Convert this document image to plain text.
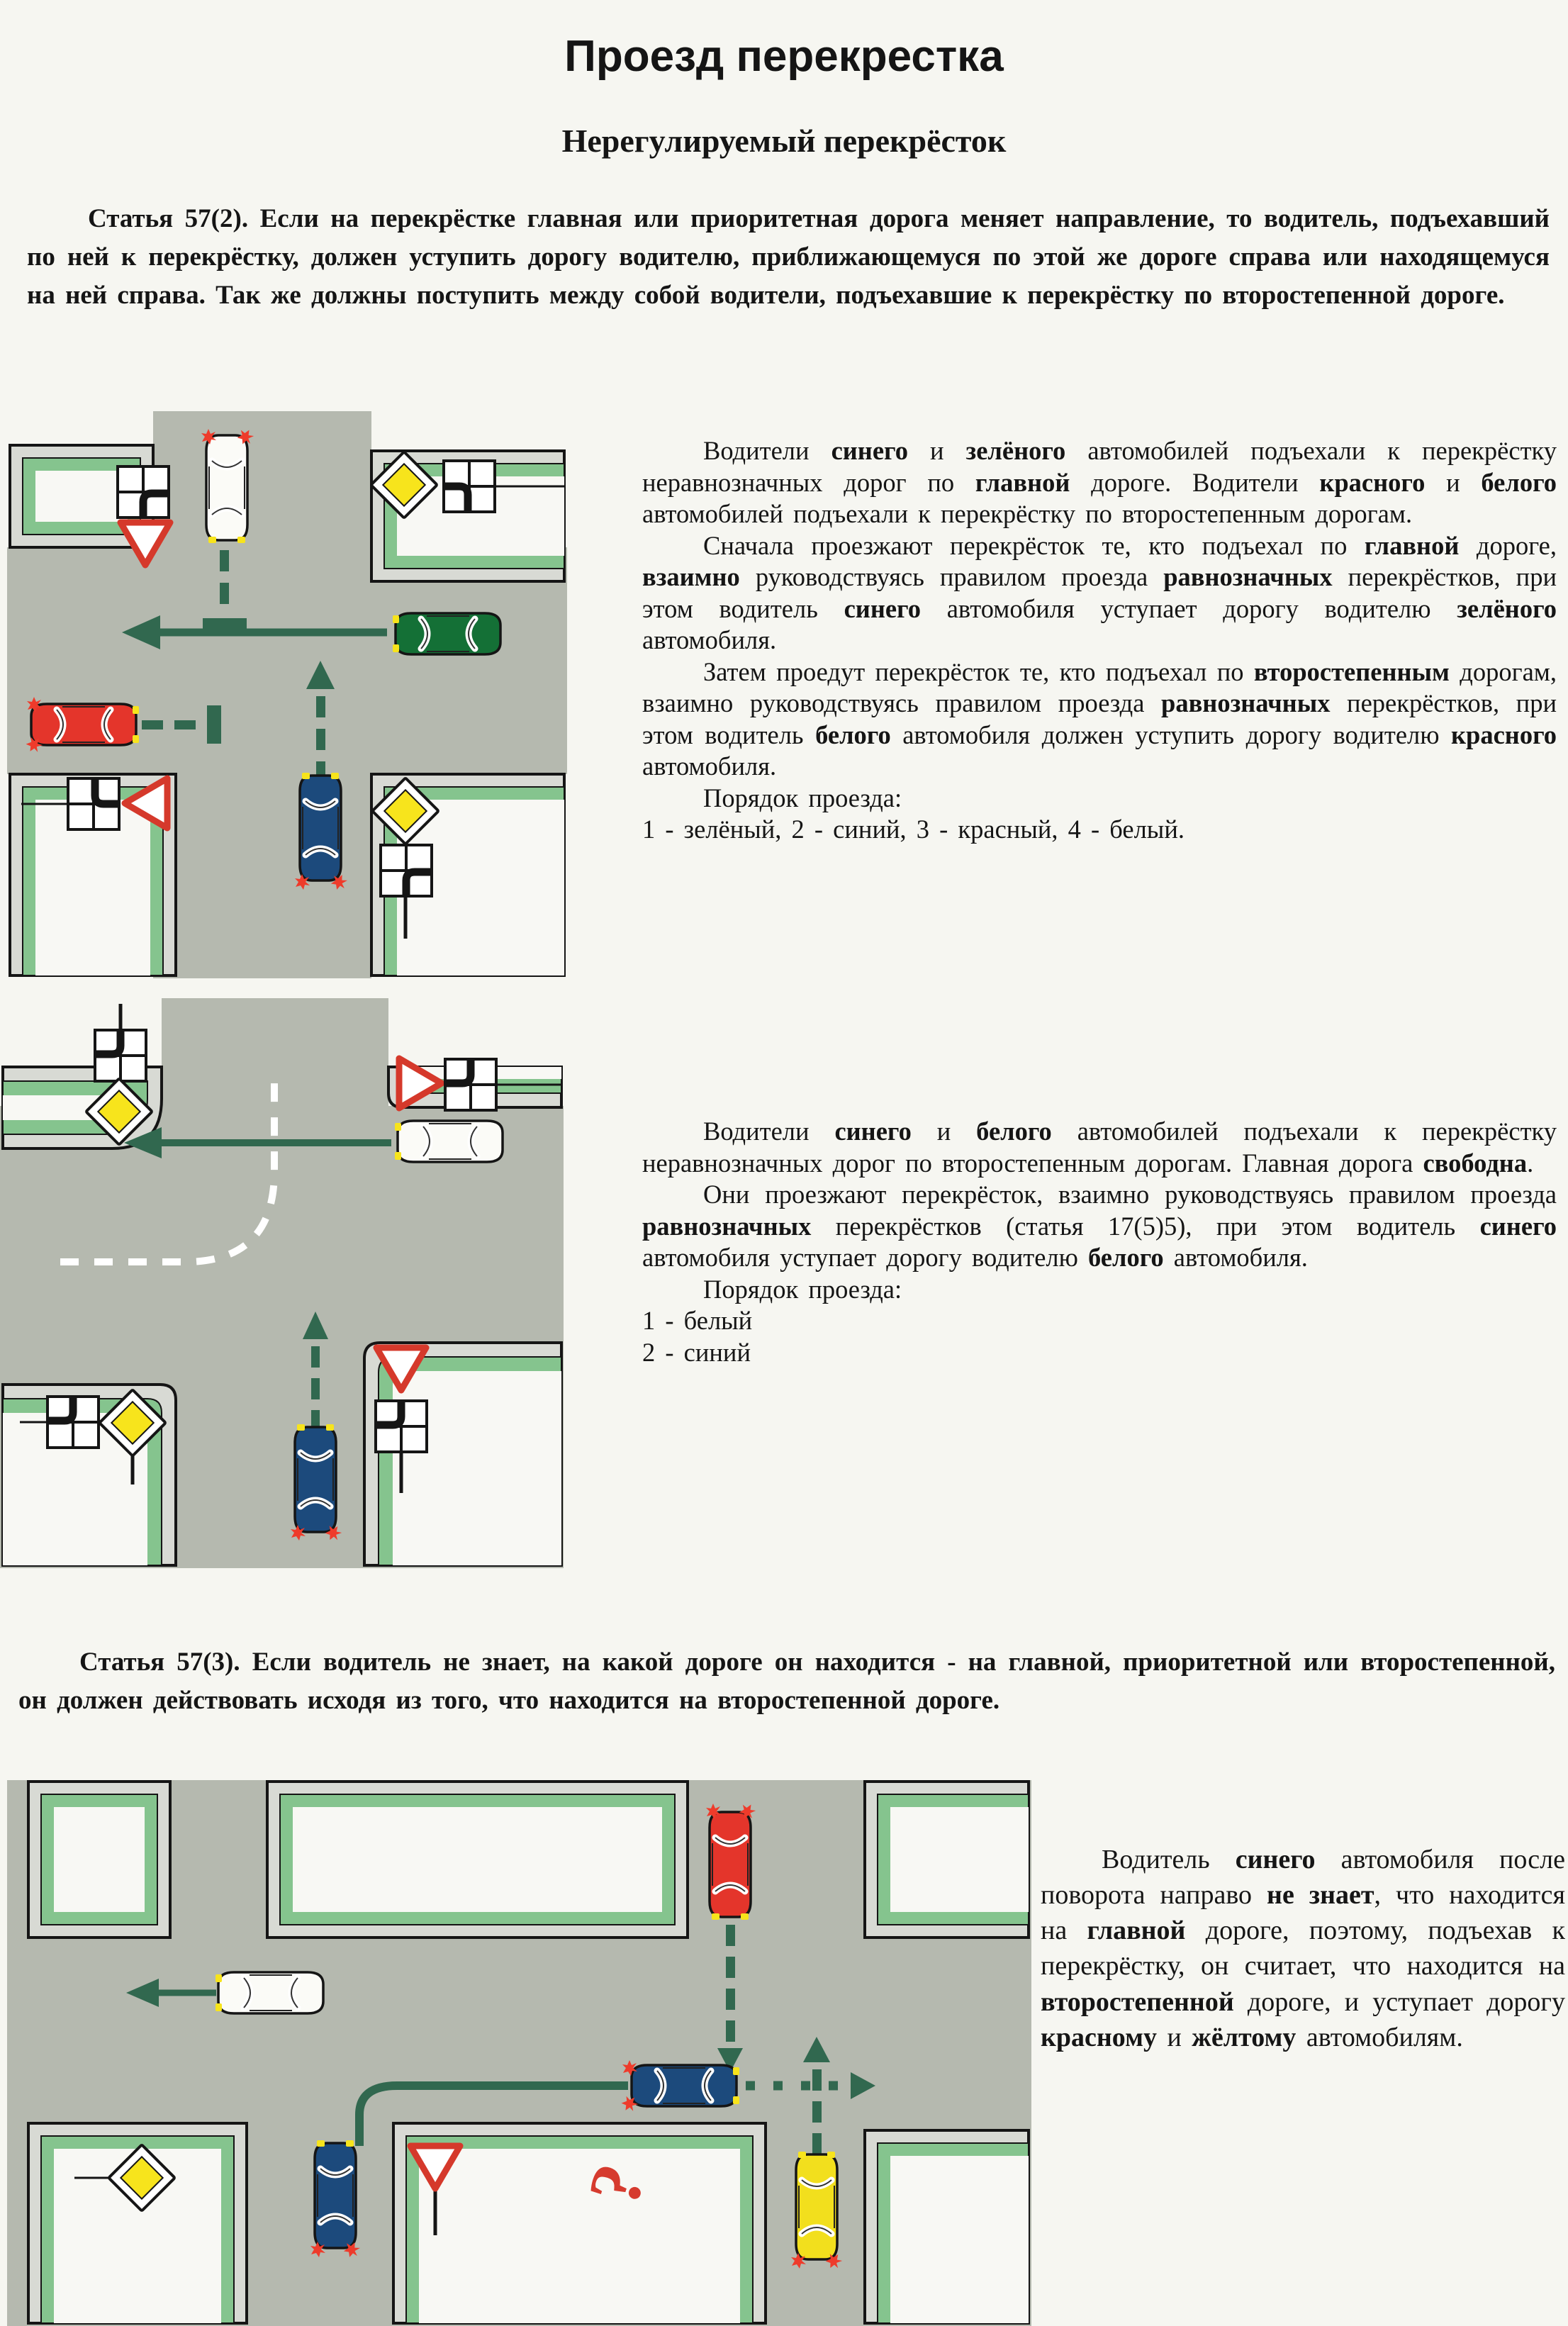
Проезд перекрестка
Нерегулируемый перекрёсток

Статья 57(2). Если на перекрёстке главная или приоритетная дорога меняет направление, то водитель, подъехавший по ней к перекрёстку, должен уступить дорогу водителю, приближающемуся по этой же дороге справа или находящемуся на ней справа. Так же должны поступить между собой водители, подъехавшие к перекрёстку по второстепенной дороге.

Водители синего и зелёного автомобилей подъехали к перекрёстку неравнозначных дорог по главной дороге. Водители красного и белого автомобилей подъехали к перекрёстку по второстепенным дорогам.

Сначала проезжают перекрёсток те, кто подъехал по главной дороге, взаимно руководствуясь правилом проезда равнозначных перекрёстков, при этом водитель синего автомобиля уступает дорогу водителю зелёного автомобиля.

Затем проедут перекрёсток те, кто подъехал по второстепенным дорогам, взаимно руководствуясь правилом проезда равнозначных перекрёстков, при этом водитель белого автомобиля должен уступить дорогу водителю красного автомобиля.

Порядок проезда:

1 - зелёный, 2 - синий, 3 - красный, 4 - белый.

Водители синего и белого автомобилей подъехали к перекрёстку неравнозначных дорог по второстепенным дорогам. Главная дорога свободна.

Они проезжают перекрёсток, взаимно руководствуясь правилом проезда равнозначных перекрёстков (статья 17(5)5), при этом водитель синего автомобиля уступает дорогу водителю белого автомобиля.

Порядок проезда:

1 - белый

2 - синий

Статья 57(3). Если водитель не знает, на какой дороге он находится - на главной, приоритетной или второстепенной, он должен действовать исходя из того, что находится на второстепенной дороге.

Водитель синего автомобиля после поворота направо не знает, что находится на главной дороге, поэтому, подъехав к перекрёстку, он считает, что находится на второстепенной дороге, и уступает дорогу красному и жёлтому автомобилям.

?
